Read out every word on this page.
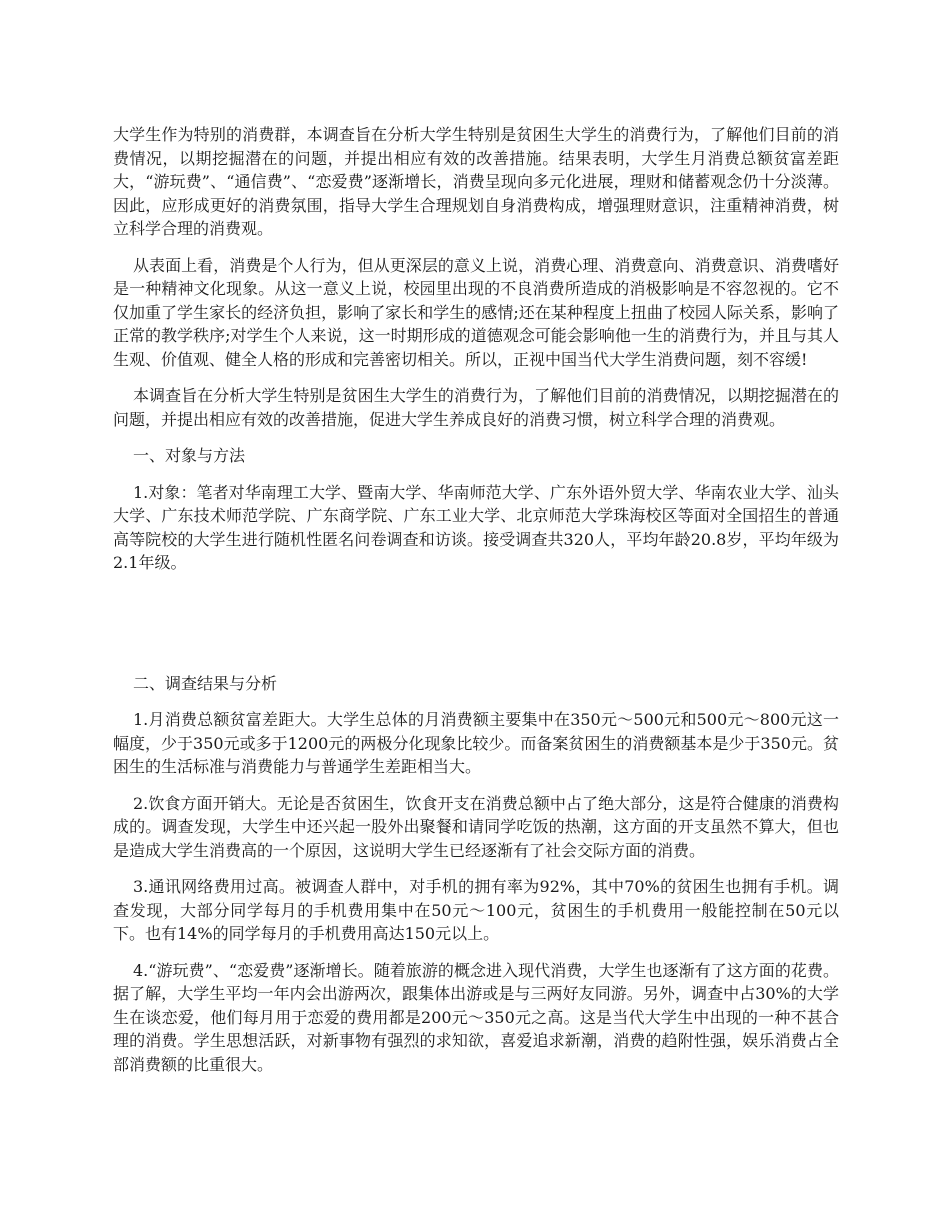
大学生作为特别的消费群，本调查旨在分析大学生特别是贫困生大学生的消费行为，了解他们目前的消费情况，以期挖掘潜在的问题，并提出相应有效的改善措施。结果表明，大学生月消费总额贫富差距大，“游玩费”、“通信费”、“恋爱费”逐渐增长，消费呈现向多元化进展，理财和储蓄观念仍十分淡薄。因此，应形成更好的消费氛围，指导大学生合理规划自身消费构成，增强理财意识，注重精神消费，树立科学合理的消费观。

从表面上看，消费是个人行为，但从更深层的意义上说，消费心理、消费意向、消费意识、消费嗜好是一种精神文化现象。从这一意义上说，校园里出现的不良消费所造成的消极影响是不容忽视的。它不仅加重了学生家长的经济负担，影响了家长和学生的感情;还在某种程度上扭曲了校园人际关系，影响了正常的教学秩序;对学生个人来说，这一时期形成的道德观念可能会影响他一生的消费行为，并且与其人生观、价值观、健全人格的形成和完善密切相关。所以，正视中国当代大学生消费问题，刻不容缓!

本调查旨在分析大学生特别是贫困生大学生的消费行为，了解他们目前的消费情况，以期挖掘潜在的问题，并提出相应有效的改善措施，促进大学生养成良好的消费习惯，树立科学合理的消费观。

一、对象与方法

1.对象：笔者对华南理工大学、暨南大学、华南师范大学、广东外语外贸大学、华南农业大学、汕头大学、广东技术师范学院、广东商学院、广东工业大学、北京师范大学珠海校区等面对全国招生的普通高等院校的大学生进行随机性匿名问卷调查和访谈。接受调查共320人，平均年龄20.8岁，平均年级为2.1年级。

二、调查结果与分析

1.月消费总额贫富差距大。大学生总体的月消费额主要集中在350元～500元和500元～800元这一幅度，少于350元或多于1200元的两极分化现象比较少。而备案贫困生的消费额基本是少于350元。贫困生的生活标准与消费能力与普通学生差距相当大。

2.饮食方面开销大。无论是否贫困生，饮食开支在消费总额中占了绝大部分，这是符合健康的消费构成的。调查发现，大学生中还兴起一股外出聚餐和请同学吃饭的热潮，这方面的开支虽然不算大，但也是造成大学生消费高的一个原因，这说明大学生已经逐渐有了社会交际方面的消费。

3.通讯网络费用过高。被调查人群中，对手机的拥有率为92%，其中70%的贫困生也拥有手机。调查发现，大部分同学每月的手机费用集中在50元～100元，贫困生的手机费用一般能控制在50元以下。也有14%的同学每月的手机费用高达150元以上。

4.“游玩费”、“恋爱费”逐渐增长。随着旅游的概念进入现代消费，大学生也逐渐有了这方面的花费。据了解，大学生平均一年内会出游两次，跟集体出游或是与三两好友同游。另外，调查中占30%的大学生在谈恋爱，他们每月用于恋爱的费用都是200元～350元之高。这是当代大学生中出现的一种不甚合理的消费。学生思想活跃，对新事物有强烈的求知欲，喜爱追求新潮，消费的趋附性强，娱乐消费占全部消费额的比重很大。
